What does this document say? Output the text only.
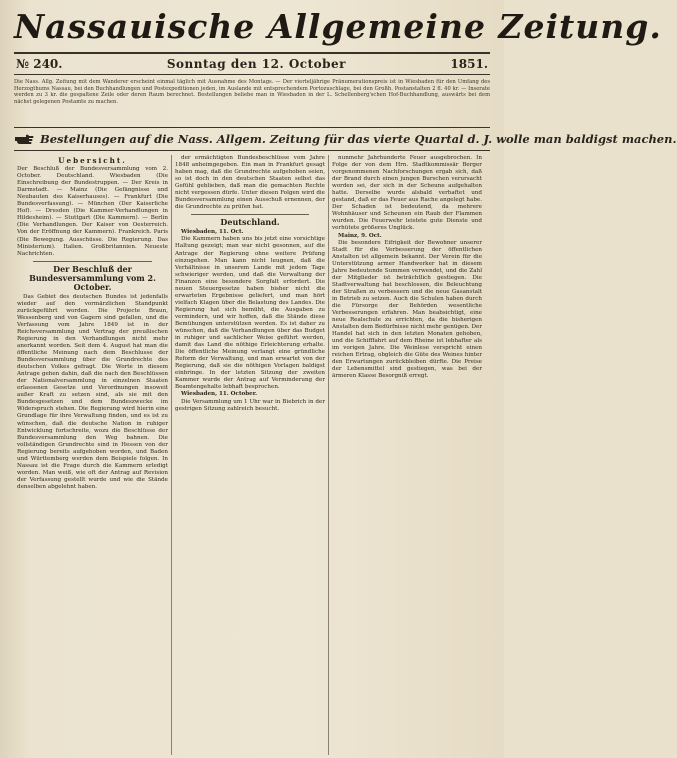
Nassauische Allgemeine Zeitung.
№ 240.	Sonntag den 12. October	1851.
Die Nass. Allg. Zeitung mit dem Wanderer erscheint einmal täglich mit Ausnahme des Montags. — Der vierteljährige Pränumerationspreis ist in Wiesbaden für den Umfang des Herzogthums Nassau, bei den Buchhandlungen und Postexpeditionen jeden, im Auslande mit entsprechendem Portozuschlage, bei den Großh. Postanstalten 2 fl. 40 kr. — Inserate werden zu 3 kr. die gespaltene Zeile oder deren Raum berechnet. Bestellungen beliebe man in Wiesbaden in der L. Schellenberg'schen Hof-Buchhandlung, auswärts bei dem nächst gelegenen Postamte zu machen.
Bestellungen auf die Nass. Allgem. Zeitung für das vierte Quartal d. J. wolle man baldigst machen.
Uebersicht.

Der Beschluß der Bundesversammlung vom 2. October. Deutschland. Wiesbaden (Die Einschreibung der Bundestruppen. — Der Kreis in Darmstadt. — Mainz (Die Gefängnisse und Neubauten des Kaiserhauses). — Frankfurt (Die Bundesverfassung). — München (Der Kaiserliche Hof). — Dresden (Die Kammer-Verhandlungen in Hildesheim). — Stuttgart (Die Kammern). — Berlin (Die Verhandlungen. Der Kaiser von Oesterreich. Von der Eröffnung der Kammern). Frankreich. Paris (Die Bewegung. Ausschüsse. Die Regierung. Das Ministerium). Italien. Großbritannien. Neueste Nachrichten.

Der Beschluß der Bundesversammlung vom 2. October.

Das Gebiet des deutschen Bundes ist jedenfalls wieder auf den vormärzlichen Standpunkt zurückgeführt worden. Die Projecte Braun, Wessenberg und von Gagern sind gefallen, und die Verfassung vom Jahre 1849 ist in der Reichsversammlung und Vertrag der preußischen Regierung in den Verhandlungen nicht mehr anerkannt worden. Seit dem 4. August hat man die öffentliche Meinung nach dem Beschlusse der Bundesversammlung über die Grundrechte des deutschen Volkes gefragt. Die Worte in diesem Antrage gehen dahin, daß die nach den Beschlüssen der Nationalversammlung in einzelnen Staaten erlassenen Gesetze und Verordnungen insoweit außer Kraft zu setzen sind, als sie mit den Bundesgesetzen und dem Bundeszwecke im Widerspruch stehen. Die Regierung wird hierin eine Grundlage für ihre Verwaltung finden, und es ist zu wünschen, daß die deutsche Nation in ruhiger Entwicklung fortschreite, wozu die Beschlüsse der Bundesversammlung den Weg bahnen. Die vollständigen Grundrechte sind in Hessen von der Regierung bereits aufgehoben worden, und Baden und Württemberg werden dem Beispiele folgen. In Nassau ist die Frage durch die Kammern erledigt worden. Man weiß, wie oft der Antrag auf Revision der Verfassung gestellt wurde und wie die Stände denselben abgelehnt haben.

der ermächtigten Bundesbeschlüsse vom Jahre 1848 anheimgegeben. Ein man in Frankfurt gesagt haben mag, daß die Grundrechte aufgehoben seien, so ist doch in den deutschen Staaten selbst das Gefühl geblieben, daß man die gemachten Rechte nicht vergessen dürfe. Unter diesen Folgen wird die Bundesversammlung einen Ausschuß ernennen, der die Grundrechte zu prüfen hat.

Deutschland.

Wiesbaden, 11. Oct.

Die Kammern haben uns bis jetzt eine vorsichtige Haltung gezeigt; man war nicht gesonnen, auf die Antrage der Regierung ohne weitere Prüfung einzugehen. Man kann nicht leugnen, daß die Verhältnisse in unserem Lande mit jedem Tage schwieriger werden, und daß die Verwaltung der Finanzen eine besondere Sorgfalt erfordert. Die neuen Steuergesetze haben bisher nicht die erwarteten Ergebnisse geliefert, und man hört vielfach Klagen über die Belastung des Landes. Die Regierung hat sich bemüht, die Ausgaben zu vermindern, und wir hoffen, daß die Stände diese Bemühungen unterstützen werden. Es ist daher zu wünschen, daß die Verhandlungen über das Budget in ruhiger und sachlicher Weise geführt werden, damit das Land die nöthige Erleichterung erhalte. Die öffentliche Meinung verlangt eine gründliche Reform der Verwaltung, und man erwartet von der Regierung, daß sie die nöthigen Vorlagen baldigst einbringe. In der letzten Sitzung der zweiten Kammer wurde der Antrag auf Verminderung der Beamtengehalte lebhaft besprochen.

Wiesbaden, 11. October.

Die Versammlung um 1 Uhr war in Biebrich in der gestrigen Sitzung zahlreich besucht.

nunmehr Jahrhunderte Feuer ausgebrochen. In Folge der von dem Hrn. Stadtkommissär Berger vorgenommenen Nachforschungen ergab sich, daß der Brand durch einen jungen Burschen verursacht worden sei, der sich in der Scheune aufgehalten hatte. Derselbe wurde alsbald verhaftet und gestand, daß er das Feuer aus Rache angelegt habe. Der Schaden ist bedeutend, da mehrere Wohnhäuser und Scheunen ein Raub der Flammen wurden. Die Feuerwehr leistete gute Dienste und verhütete größeres Unglück.

Mainz, 9. Oct.

Die besondere Eifrigkeit der Bewohner unserer Stadt für die Verbesserung der öffentlichen Anstalten ist allgemein bekannt. Der Verein für die Unterstützung armer Handwerker hat in diesem Jahre bedeutende Summen verwendet, und die Zahl der Mitglieder ist beträchtlich gestiegen. Die Stadtverwaltung hat beschlossen, die Beleuchtung der Straßen zu verbessern und die neue Gasanstalt in Betrieb zu setzen. Auch die Schulen haben durch die Fürsorge der Behörden wesentliche Verbesserungen erfahren. Man beabsichtigt, eine neue Realschule zu errichten, da die bisherigen Anstalten dem Bedürfnisse nicht mehr genügen. Der Handel hat sich in den letzten Monaten gehoben, und die Schifffahrt auf dem Rheine ist lebhafter als im vorigen Jahre. Die Weinlese verspricht einen reichen Ertrag, obgleich die Güte des Weines hinter den Erwartungen zurückbleiben dürfte. Die Preise der Lebensmittel sind gestiegen, was bei der ärmeren Klasse Besorgniß erregt.
